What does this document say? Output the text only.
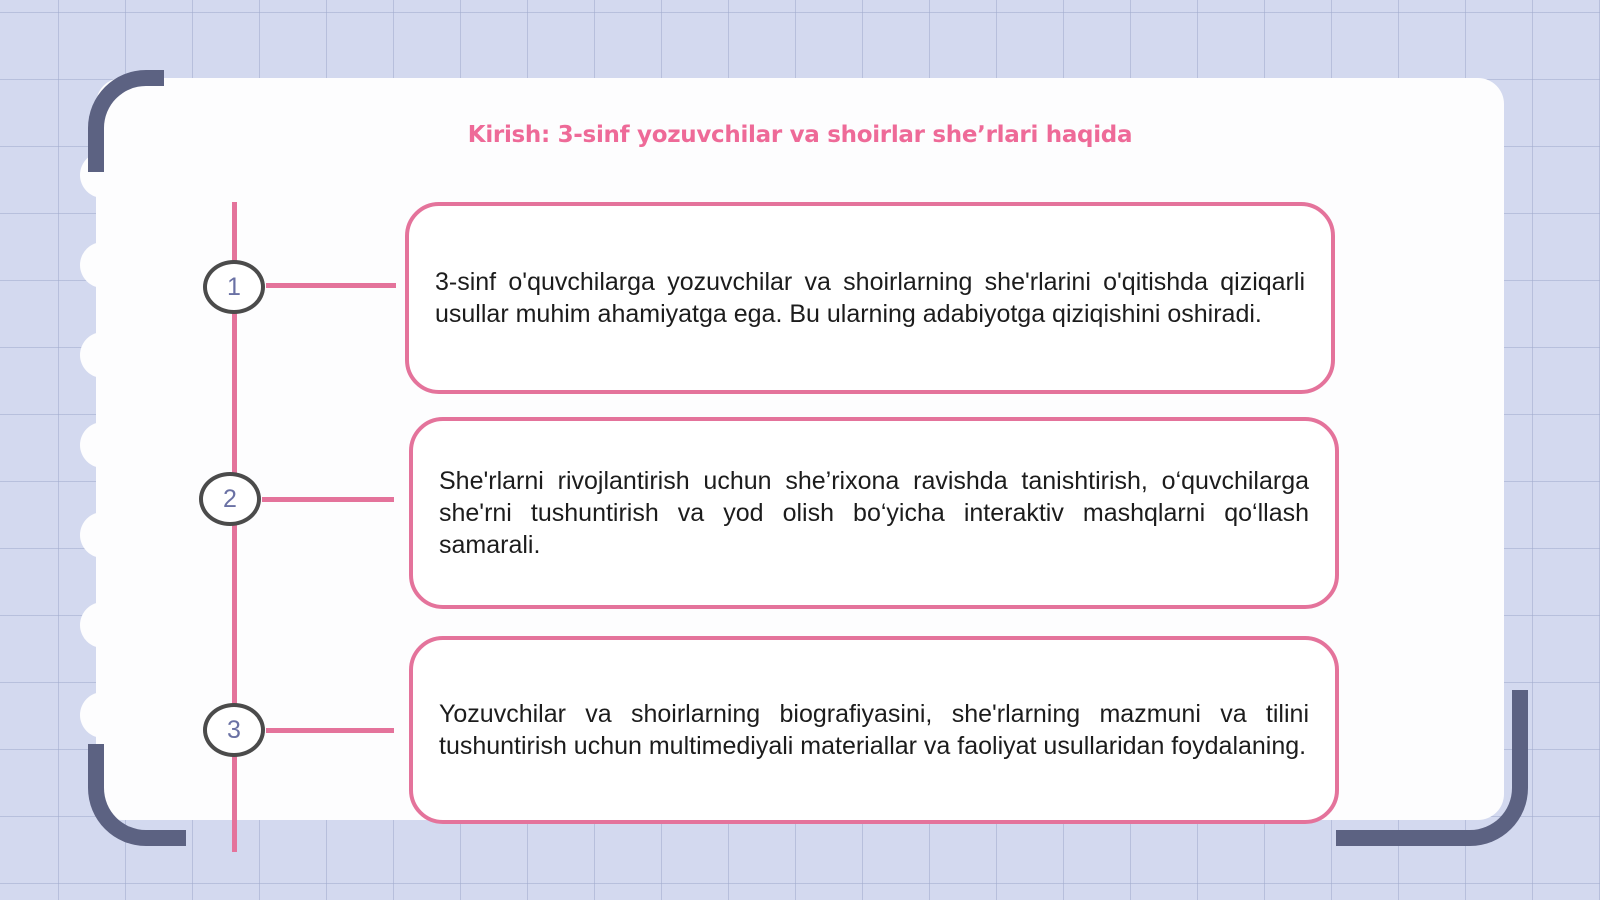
Kirish: 3-sinf yozuvchilar va shoirlar sheʼrlari haqida
1
2
3

3-sinf o'quvchilarga yozuvchilar va shoirlarning she'rlarini o'qitishda qiziqarli usullar muhim ahamiyatga ega. Bu ularning adabiyotga qiziqishini oshiradi.

She'rlarni rivojlantirish uchun she’rixona ravishda tanishtirish, o‘quvchilarga she'rni tushuntirish va yod olish bo‘yicha interaktiv mashqlarni qo‘llash samarali.

Yozuvchilar va shoirlarning biografiyasini, she'rlarning mazmuni va tilini tushuntirish uchun multimediyali materiallar va faoliyat usullaridan foydalaning.
